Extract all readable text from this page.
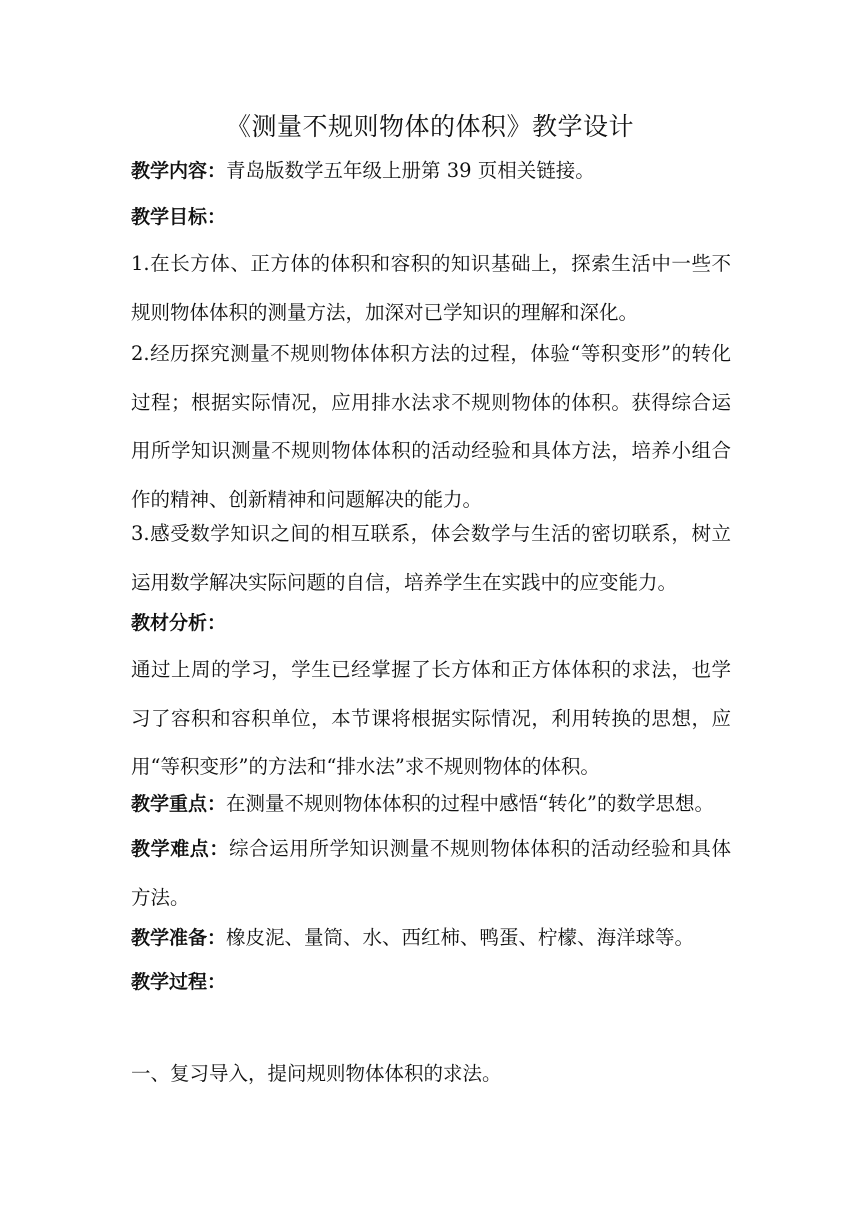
《测量不规则物体的体积》教学设计
教学内容：青岛版数学五年级上册第 39 页相关链接。
教学目标：
1.在长方体、正方体的体积和容积的知识基础上，探索生活中一些不规则物体体积的测量方法，加深对已学知识的理解和深化。
2.经历探究测量不规则物体体积方法的过程，体验“等积变形”的转化过程；根据实际情况，应用排水法求不规则物体的体积。获得综合运用所学知识测量不规则物体体积的活动经验和具体方法，培养小组合作的精神、创新精神和问题解决的能力。
3.感受数学知识之间的相互联系，体会数学与生活的密切联系，树立运用数学解决实际问题的自信，培养学生在实践中的应变能力。
教材分析：
通过上周的学习，学生已经掌握了长方体和正方体体积的求法，也学习了容积和容积单位，本节课将根据实际情况，利用转换的思想，应用“等积变形”的方法和“排水法”求不规则物体的体积。
教学重点：在测量不规则物体体积的过程中感悟“转化”的数学思想。
教学难点：综合运用所学知识测量不规则物体体积的活动经验和具体方法。
教学准备：橡皮泥、量筒、水、西红柿、鸭蛋、柠檬、海洋球等。
教学过程：
一、复习导入，提问规则物体体积的求法。
